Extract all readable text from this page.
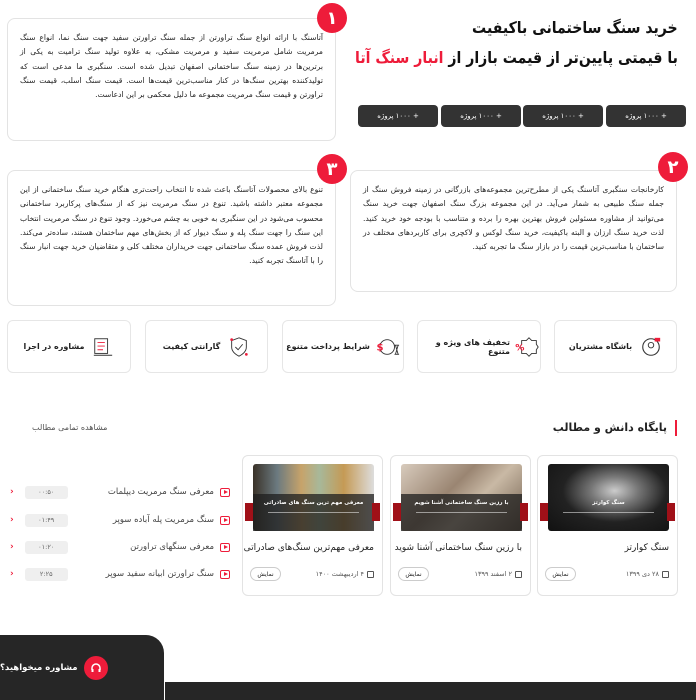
خرید سنگ ساختمانی باکیفیت
با قیمتی پایین‌تر از قیمت بازار از انبار سنگ آتا
+ ۱۰۰۰ پروژه	+ ۱۰۰۰ پروژه	+ ۱۰۰۰ پروژه	+ ۱۰۰۰ پروژه

آتاسنگ با ارائه انواع سنگ تراورتن از جمله سنگ تراورتن سفید جهت سنگ نما، انواع سنگ مرمریت شامل مرمریت سفید و مرمریت مشکی، به علاوه تولید سنگ ترامیت به یکی از برترین‌ها در زمینه سنگ ساختمانی اصفهان تبدیل شده است. سنگبری ما مدعی است که تولیدکننده بهترین سنگ‌ها در کنار مناسب‌ترین قیمت‌ها است. قیمت سنگ اسلب، قیمت سنگ تراورتن و قیمت سنگ مرمریت مجموعه ما دلیل محکمی بر این ادعاست.

۱

کارخانجات سنگبری آتاسنگ یکی از مطرح‌ترین مجموعه‌های بازرگانی در زمینه فروش سنگ از جمله سنگ طبیعی به شمار می‌آید. در این مجموعه بزرگ سنگ اصفهان جهت خرید سنگ می‌توانید از مشاوره مسئولین فروش بهترین بهره را برده و متناسب با بودجه خود خرید کنید. لذت خرید سنگ ارزان و البته باکیفیت، خرید سنگ لوکس و لاکچری برای کاربردهای مختلف در ساختمان با مناسب‌ترین قیمت را در بازار سنگ ما تجربه کنید.

۲

تنوع بالای محصولات آتاسنگ باعث شده تا انتخاب راحت‌تری هنگام خرید سنگ ساختمانی از این مجموعه معتبر داشته باشید. تنوع در سنگ مرمریت نیز که از سنگ‌های پرکاربرد ساختمانی محسوب می‌شود در این سنگبری به خوبی به چشم می‌خورد. وجود تنوع در سنگ مرمریت انتخاب این سنگ را جهت سنگ پله و سنگ دیوار که از بخش‌های مهم ساختمان هستند، ساده‌تر می‌کند. لذت فروش عمده سنگ ساختمانی جهت خریداران مختلف کلی و متقاضیان خرید جهت انبار سنگ را با آتاسنگ تجربه کنید.

۳
باشگاه مشتریان
%
تخفیف های ویژه و متنوع
$
شرایط پرداخت متنوع
گارانتی کیفیت
مشاوره در اجرا
پایگاه دانش و مطالب
مشاهده تمامی مطالب
معرفی سنگ مرمریت دیپلمات
۰۰:۵۰
‹
سنگ مرمریت پله آباده سوپر
۰۱:۴۹
‹
معرفی سنگهای تراورتن
۰۱:۲۰
‹
سنگ تراورتن ابیانه سفید سوپر
۲:۲۵
‹
سنگ کوارتز
سنگ کوارتز
۲۸ دی ۱۳۹۹
نمایش
با رزین سنگ ساختمانی آشنا شویم
با رزین سنگ ساختمانی آشنا شوید
۲ اسفند ۱۳۹۹
نمایش
معرفی مهم ترین سنگ های صادراتی
معرفی مهم‌ترین سنگ‌های صادراتی
۴ اردیبهشت ۱۴۰۰
نمایش
مشاوره میخواهید؟
